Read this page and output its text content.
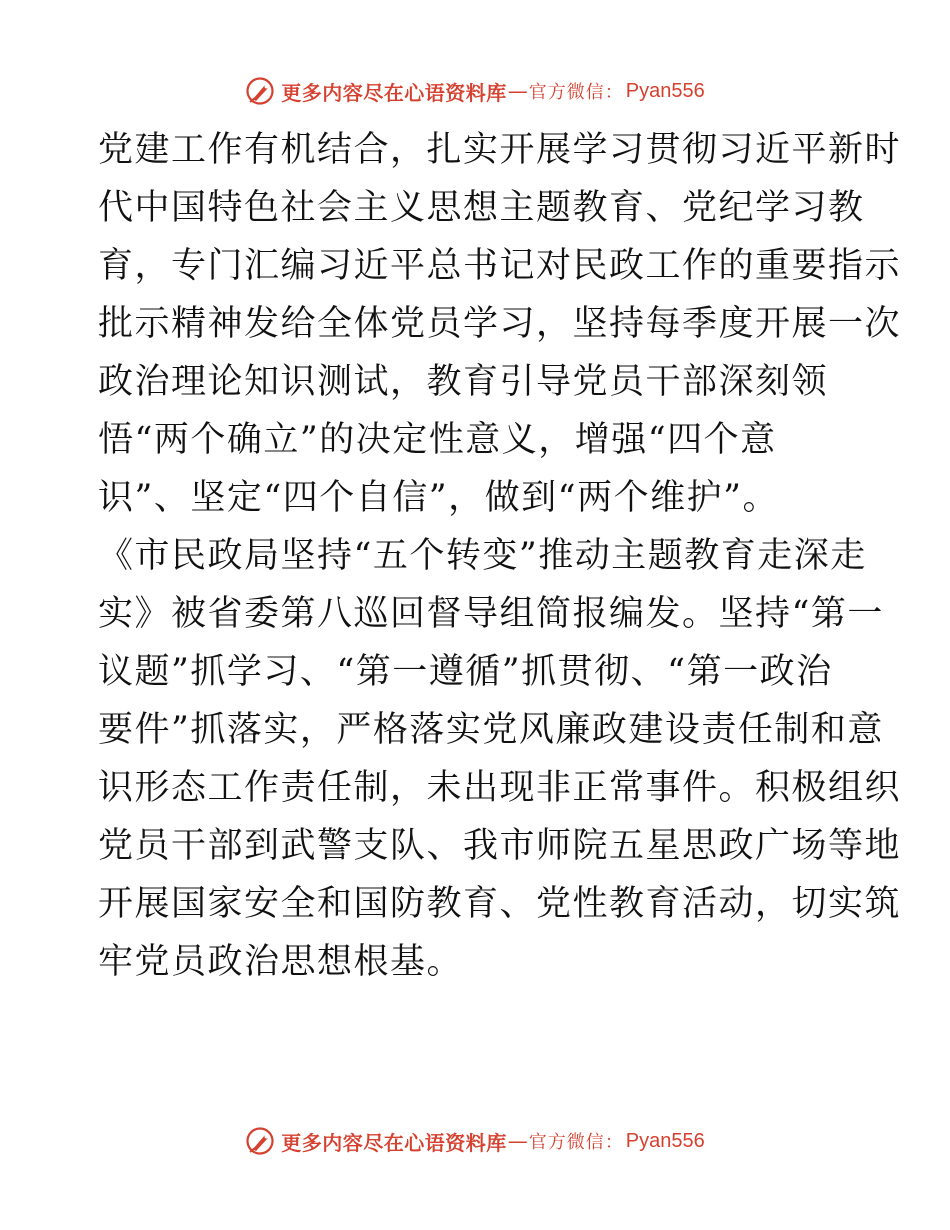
更多内容尽在心语资料库 — 官方微信： Pyan556
党建工作有机结合，扎实开展学习贯彻习近平新时
代中国特色社会主义思想主题教育、党纪学习教
育，专门汇编习近平总书记对民政工作的重要指示
批示精神发给全体党员学习，坚持每季度开展一次
政治理论知识测试，教育引导党员干部深刻领
悟“两个确立”的决定性意义，增强“四个意
识”、坚定“四个自信”，做到“两个维护”。
《市民政局坚持“五个转变”推动主题教育走深走
实》被省委第八巡回督导组简报编发。坚持“第一
议题”抓学习、“第一遵循”抓贯彻、“第一政治
要件”抓落实，严格落实党风廉政建设责任制和意
识形态工作责任制，未出现非正常事件。积极组织
党员干部到武警支队、我市师院五星思政广场等地
开展国家安全和国防教育、党性教育活动，切实筑
牢党员政治思想根基。
更多内容尽在心语资料库 — 官方微信： Pyan556
